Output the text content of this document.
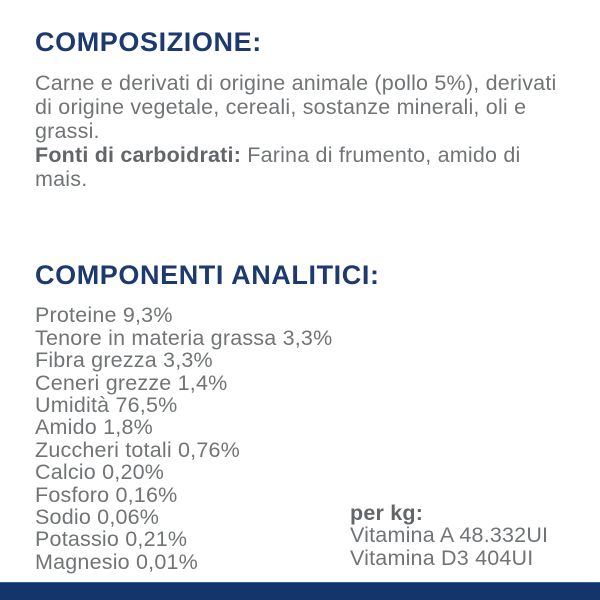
COMPOSIZIONE:

Carne e derivati di origine animale (pollo 5%), derivati di origine vegetale, cereali, sostanze minerali, oli e grassi.

Fonti di carboidrati: Farina di frumento, amido di mais.

COMPONENTI ANALITICI:
Proteine 9,3%
Tenore in materia grassa 3,3%
Fibra grezza 3,3%
Ceneri grezze 1,4%
Umidità 76,5%
Amido 1,8%
Zuccheri totali 0,76%
Calcio 0,20%
Fosforo 0,16%
Sodio 0,06%
Potassio 0,21%
Magnesio 0,01%
per kg:
Vitamina A 48.332UI
Vitamina D3 404UI
